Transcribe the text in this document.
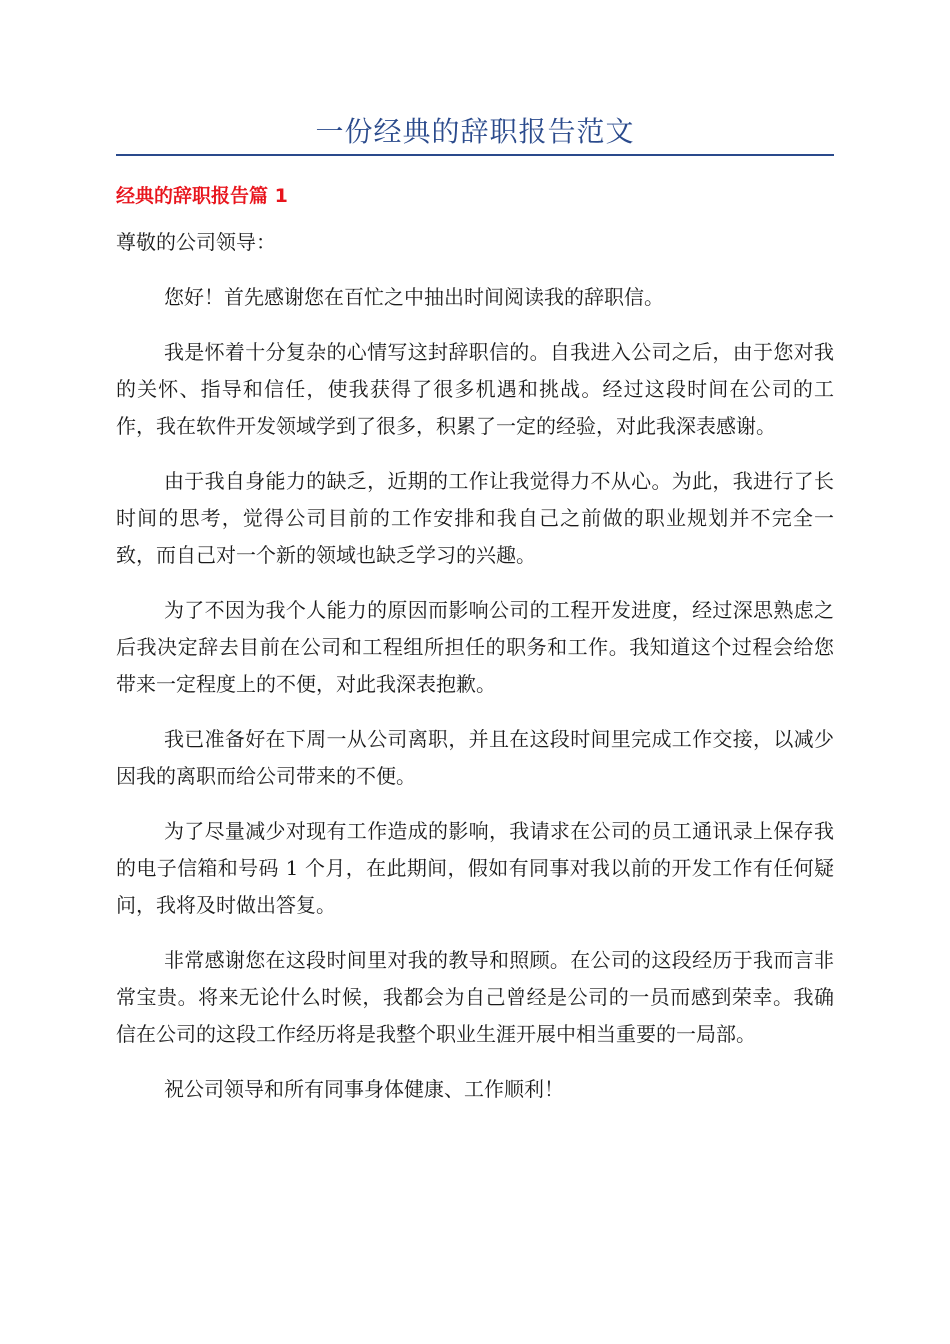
一份经典的辞职报告范文
经典的辞职报告篇 1

尊敬的公司领导：

您好！首先感谢您在百忙之中抽出时间阅读我的辞职信。

我是怀着十分复杂的心情写这封辞职信的。自我进入公司之后，由于您对我的关怀、指导和信任，使我获得了很多机遇和挑战。经过这段时间在公司的工作，我在软件开发领域学到了很多，积累了一定的经验，对此我深表感谢。

由于我自身能力的缺乏，近期的工作让我觉得力不从心。为此，我进行了长时间的思考，觉得公司目前的工作安排和我自己之前做的职业规划并不完全一致，而自己对一个新的领域也缺乏学习的兴趣。

为了不因为我个人能力的原因而影响公司的工程开发进度，经过深思熟虑之后我决定辞去目前在公司和工程组所担任的职务和工作。我知道这个过程会给您带来一定程度上的不便，对此我深表抱歉。

我已准备好在下周一从公司离职，并且在这段时间里完成工作交接，以减少因我的离职而给公司带来的不便。

为了尽量减少对现有工作造成的影响，我请求在公司的员工通讯录上保存我的电子信箱和号码 1 个月，在此期间，假如有同事对我以前的开发工作有任何疑问，我将及时做出答复。

非常感谢您在这段时间里对我的教导和照顾。在公司的这段经历于我而言非常宝贵。将来无论什么时候，我都会为自己曾经是公司的一员而感到荣幸。我确信在公司的这段工作经历将是我整个职业生涯开展中相当重要的一局部。

祝公司领导和所有同事身体健康、工作顺利！
